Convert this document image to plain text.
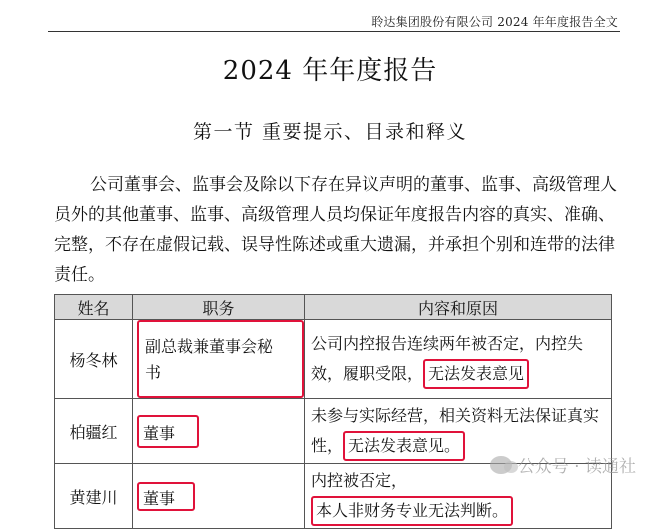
聆达集团股份有限公司 2024 年年度报告全文
2024 年年度报告
第一节 重要提示、目录和释义
公司董事会、监事会及除以下存在异议声明的董事、监事、高级管理人
员外的其他董事、监事、高级管理人员均保证年度报告内容的真实、准确、
完整，不存在虚假记载、误导性陈述或重大遗漏，并承担个别和连带的法律
责任。
姓名	职务	内容和原因
杨冬林	副总裁兼董事会秘书	公司内控报告连续两年被否定，内控失
效，履职受限， 无法发表意见

柏疆红	董事	未参与实际经营，相关资料无法保证真实
性， 无法发表意见。

黄建川	董事	内控被否定，本人非财务专业无法判断。
公众号 · 读通社
